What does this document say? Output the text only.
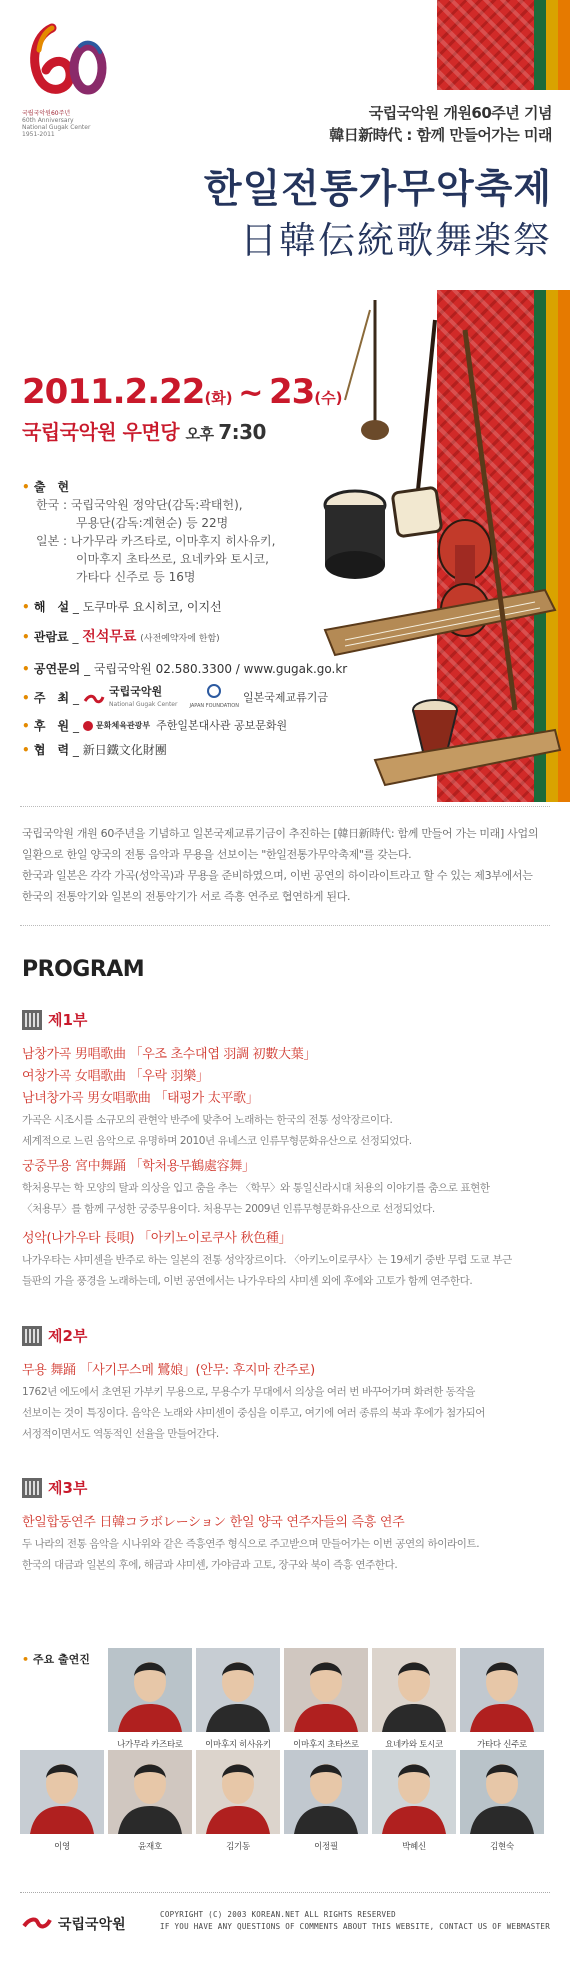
국립국악원60주년
60th Anniversary
National Gugak Center
1951-2011
국립국악원 개원60주년 기념
韓日新時代 : 함께 만들어가는 미래
한일전통가무악축제
日韓伝統歌舞楽祭
2011.2.22(화) ~ 23(수)
국립국악원 우면당 오후 7:30
• 출　현
한국 : 국립국악원 정악단(감독:곽태헌),
무용단(감독:계현순) 등 22명
일본 : 나가무라 카즈타로, 이마후지 히사유키,
이마후지 초타쓰로, 요네카와 토시코,
가타다 신주로 등 16명
• 해　설 _ 도쿠마루 요시히코, 이지선
• 관람료 _ 전석무료 (사전예약자에 한함)
• 공연문의 _ 국립국악원 02.580.3300 / www.gugak.go.kr
• 주　최 _	국립국악원
National Gugak Center JAPAN FOUNDATION
일본국제교류기금
• 후　원 _ 문화체육관광부 주한일본대사관 공보문화원
• 협　력 _ 新日鐵文化財團
국립국악원 개원 60주년을 기념하고 일본국제교류기금이 추진하는 [韓日新時代: 함께 만들어 가는 미래] 사업의
일환으로 한일 양국의 전통 음악과 무용을 선보이는 "한일전통가무악축제"를 갖는다.
한국과 일본은 각각 가곡(성악곡)과 무용을 준비하였으며, 이번 공연의 하이라이트라고 할 수 있는 제3부에서는
한국의 전통악기와 일본의 전통악기가 서로 즉흥 연주로 협연하게 된다.
PROGRAM
제1부
남창가곡 男唱歌曲 「우조 초수대엽 羽調 初數大葉」
여창가곡 女唱歌曲 「우락 羽樂」
남녀창가곡 男女唱歌曲 「태평가 太平歌」
가곡은 시조시를 소규모의 관현악 반주에 맞추어 노래하는 한국의 전통 성악장르이다.
세계적으로 느린 음악으로 유명하며 2010년 유네스코 인류무형문화유산으로 선정되었다.
궁중무용 宮中舞踊 「학처용무鶴處容舞」
학처용무는 학 모양의 탈과 의상을 입고 춤을 추는 〈학무〉와 통일신라시대 처용의 이야기를 춤으로 표현한
〈처용무〉를 함께 구성한 궁중무용이다. 처용무는 2009년 인류무형문화유산으로 선정되었다.
성악(나가우타 長唄) 「아키노이로쿠사 秋色種」
나가우타는 샤미센을 반주로 하는 일본의 전통 성악장르이다. 〈아키노이로쿠사〉는 19세기 중반 무렵 도쿄 부근
들판의 가을 풍경을 노래하는데, 이번 공연에서는 나가우타의 샤미센 외에 후에와 고토가 함께 연주한다.
제2부
무용 舞踊 「사기무스메 鷺娘」(안무: 후지마 칸주로)
1762년 에도에서 초연된 가부키 무용으로, 무용수가 무대에서 의상을 여러 번 바꾸어가며 화려한 동작을
선보이는 것이 특징이다. 음악은 노래와 샤미센이 중심을 이루고, 여기에 여러 종류의 북과 후에가 첨가되어
서정적이면서도 역동적인 선율을 만들어간다.
제3부
한일합동연주 日韓コラボレーション 한일 양국 연주자들의 즉흥 연주
두 나라의 전통 음악을 시나위와 같은 즉흥연주 형식으로 주고받으며 만들어가는 이번 공연의 하이라이트.
한국의 대금과 일본의 후에, 해금과 샤미센, 가야금과 고토, 장구와 북이 즉흥 연주한다.
• 주요 출연진
나가무라 카즈타로	이마후지 히사유키	이마후지 초타쓰로	요네카와 토시코	가타다 신주로
이영	윤재호	김기동	이정필	박혜신	김현숙
국립국악원
COPYRIGHT (C) 2003 KOREAN.NET ALL RIGHTS RESERVED
IF YOU HAVE ANY QUESTIONS OF COMMENTS ABOUT THIS WEBSITE, CONTACT US OF WEBMASTER
